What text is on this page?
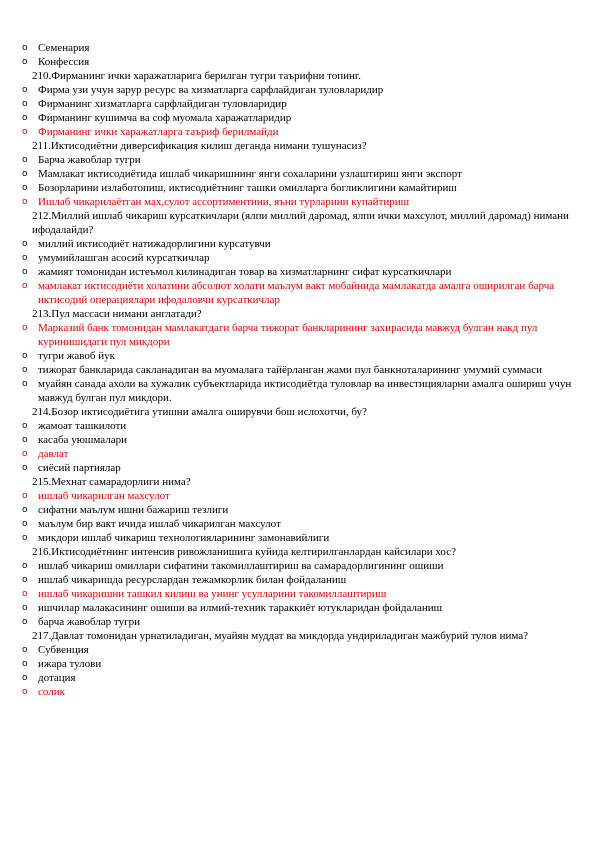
o Семенария
o Конфессия
210.Фирманинг ички харажатларига берилган тугри таърифни топинг.
o Фирма узи учун зарур ресурс ва хизматларга сарфлайдиган туловларидир
o Фирманинг хизматларга сарфлайдиган туловларидир
o Фирманинг кушимча ва соф муомала харажатларидир
o Фирманинг ички харажатларга таъриф берилмайди
211.Иктисодиётни диверсификация килиш деганда нимани тушунасиз?
o Барча жавоблар тугри
o Мамлакат иктисодиётида ишлаб чикаришнинг янги сохаларини узлаштириш янги экспорт
o Бозорларини излаботопиш, иктисодиётнинг ташки омилларга богликлигини камайтириш
o Ишлаб чикарилаётган мах,сулот ассортиментини, яъни турларини купайтириш
212.Миллий ишлаб чикариш курсаткичлари (ялпи миллий даромад, ялпи ички махсулот, миллий даромад) нимани ифодалайди?
o миллий иктисодиёт натижадорлигини курсатувчи
o умумийлашган асосий курсаткичлар
o жамият томонидан истеъмол килинадиган товар ва хизматларнинг сифат курсаткичлари
o мамлакат иктисодиёти холатини абсолют холати маълум вакт мобайнида мамлакатда амалга оширилган барча иктисодий операциялари ифодаловчи курсаткичлар
213.Пул массаси нимани англатади?
o Марказий банк томонидан мамлакатдаги барча тижорат банкларининг захирасида мавжуд булган накд пул куринишидаги пул микдори
o тугри жавоб йук
o тижорат банкларида сакланадиган ва муомалага тайёрланган жами пул банкноталарининг умумий суммаси
o муайян санада ахоли ва хужалик субъектларида иктисодиётда туловлар ва инвестицияларни амалга ошириш учун мавжуд булган пул микдори.
214.Бозор иктисодиётига утишни амалга оширувчи бош ислохотчи, бу?
o жамоат ташкилоти
o касаба уюшмалари
o давлат
o сиёсий партиялар
215.Мехнат самарадорлиги нима?
o ишлаб чикарилган махсулот
o сифатни маълум ишни бажариш тезлиги
o маълум бир вакт ичида ишлаб чикарилган махсулот
o микдори ишлаб чикариш технологияларининг замонавийлиги
216.Иктисодиётнинг интенсив ривожланишига куйида келтирилганлардан кайсилари хос?
o ишлаб чикариш омиллари сифатини такомиллаштириш ва самарадорлигининг ошиши
o ишлаб чикаришда ресурслардан тежамкорлик билан фойдаланиш
o ишлаб чикаришни ташкил килиш ва унинг усулларини такомиллаштириш
o ишчилар малакасининг ошиши ва илмий-техник тараккиёт ютукларидан фойдаланиш
o барча жавоблар тугри
217.Давлат томонидан урнатиладиган, муайян муддат ва микдорда ундириладиган мажбурий тулов нима?
o Субвенция
o ижара тулови
o дотация
o солик
